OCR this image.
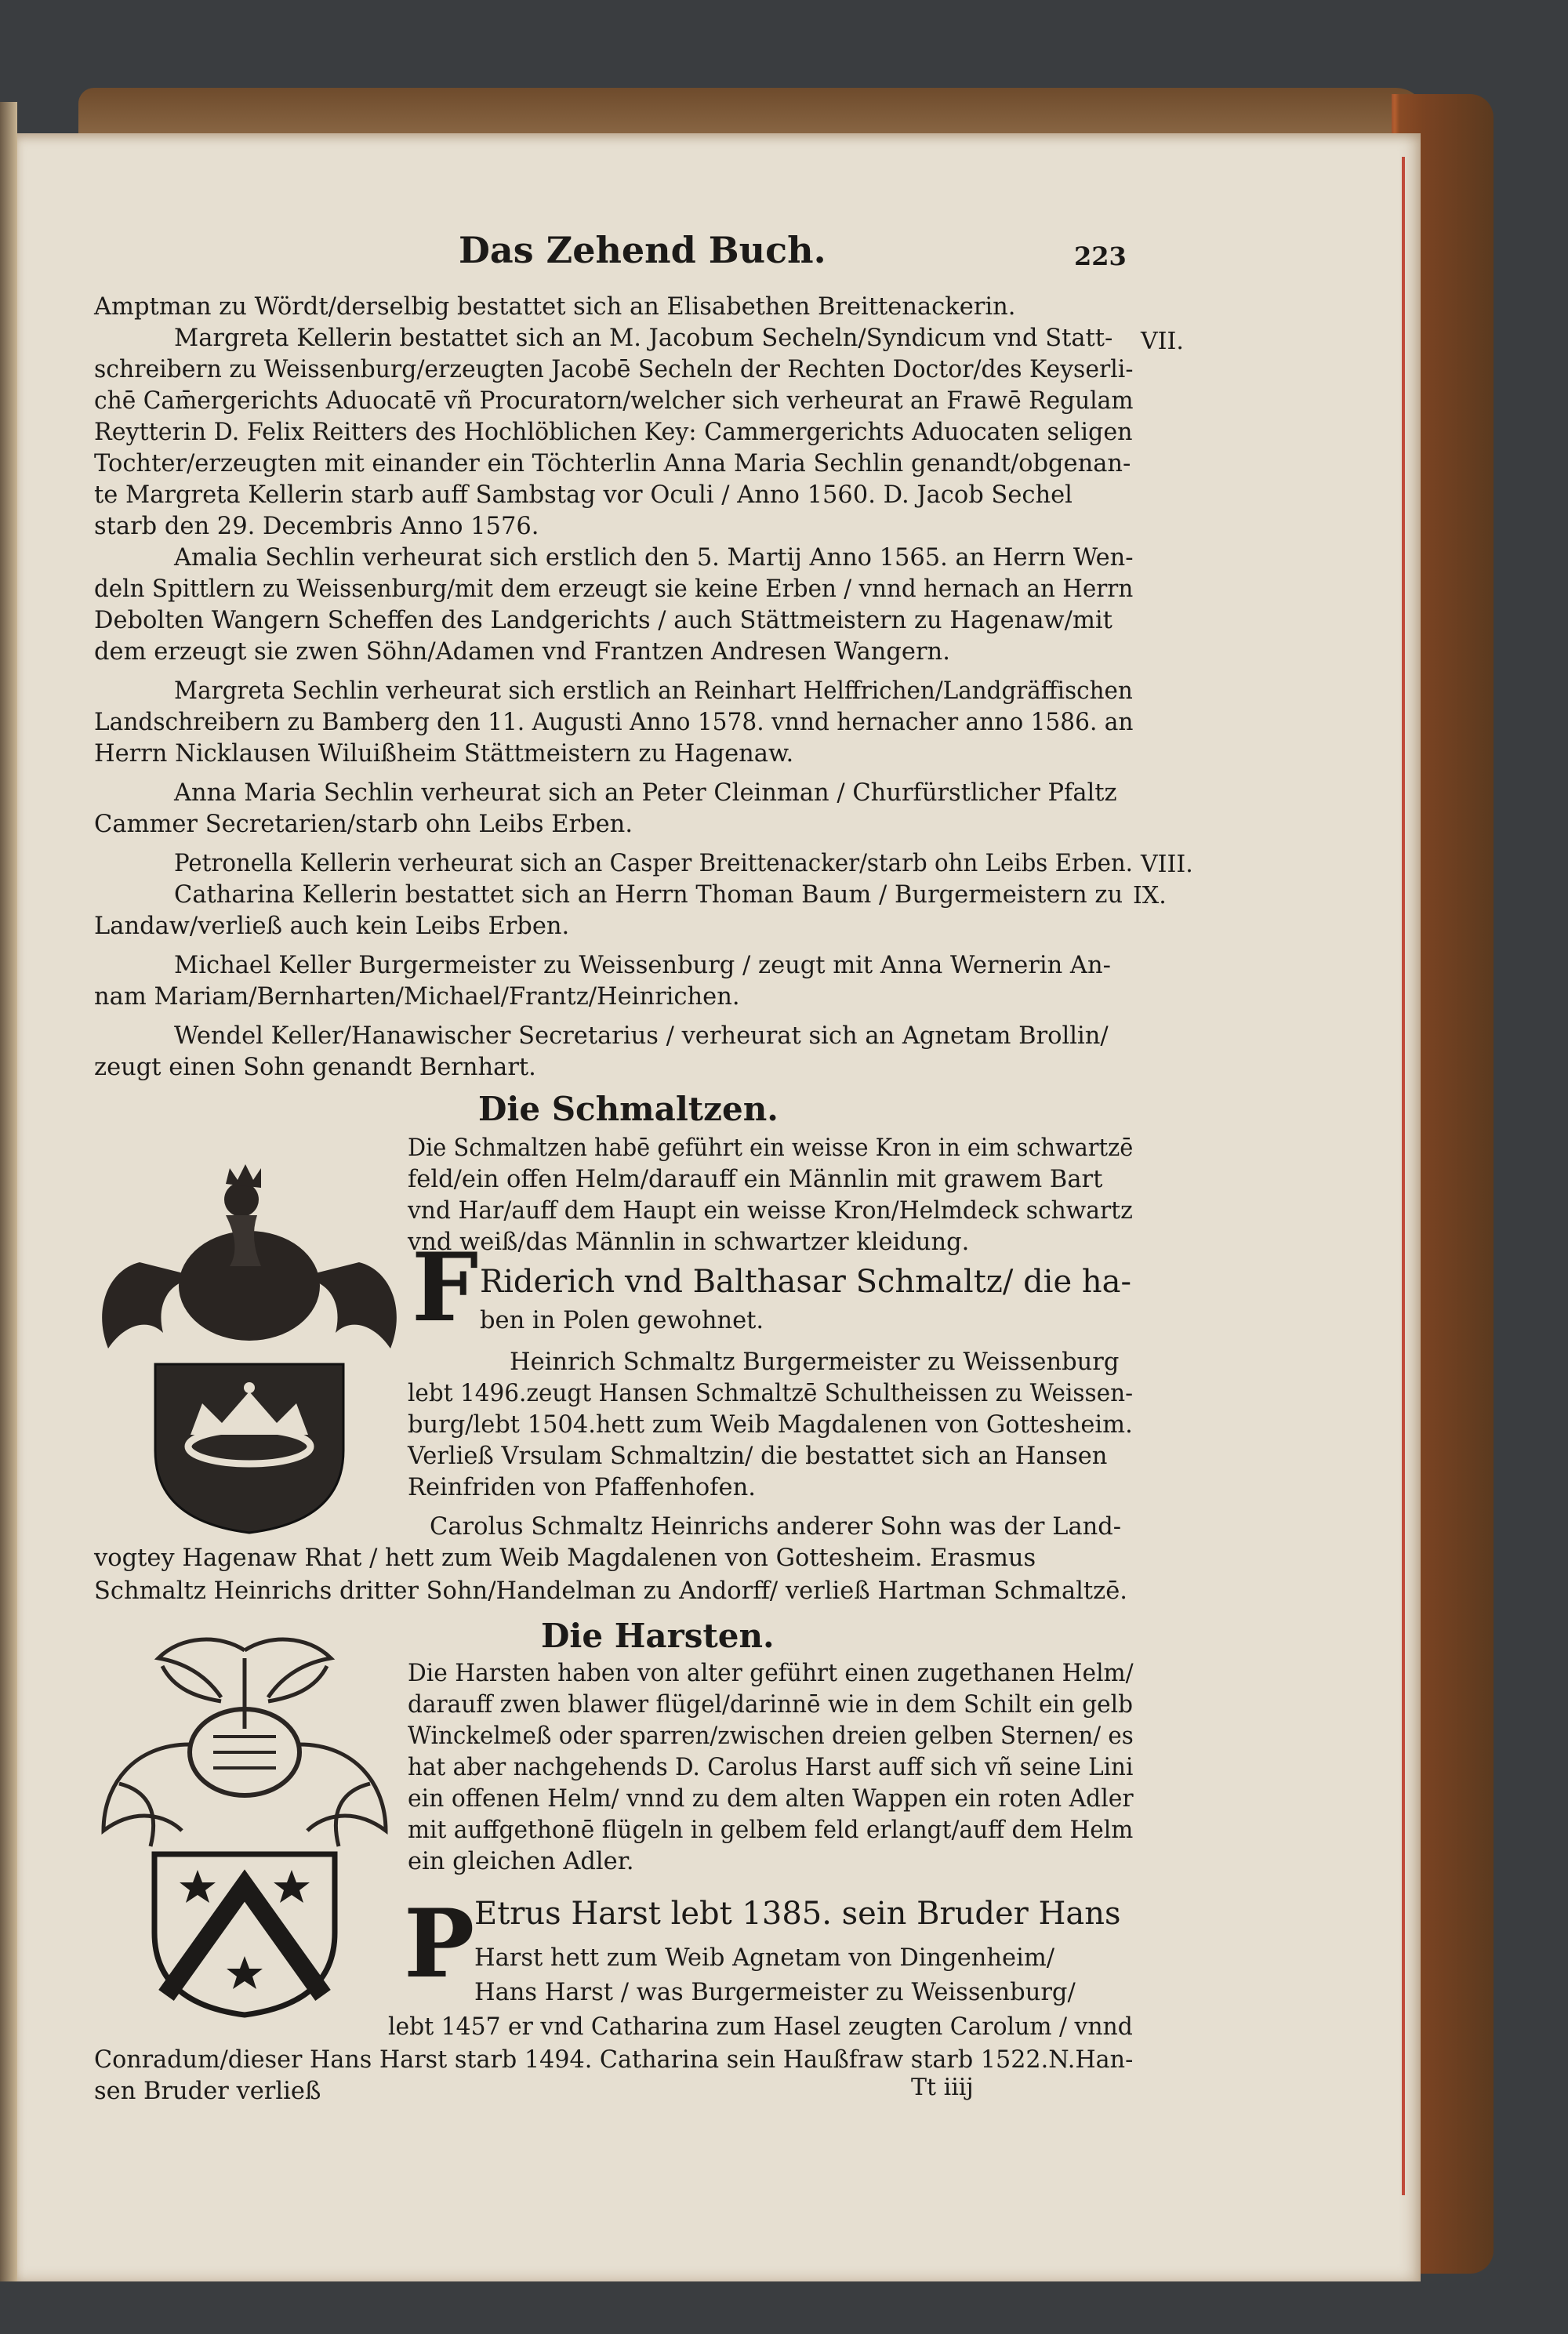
Das Zehend Buch.	223
Amptman zu Wördt/derselbig bestattet sich an Elisabethen Breittenackerin.
Margreta Kellerin bestattet sich an M. Jacobum Secheln/Syndicum vnd Statt-
schreibern zu Weissenburg/erzeugten Jacobē Secheln der Rechten Doctor/des Keyserli-
chē Cam̄ergerichts Aduocatē vñ Procuratorn/welcher sich verheurat an Frawē Regulam
Reytterin D. Felix Reitters des Hochlöblichen Key: Cammergerichts Aduocaten seligen
Tochter/erzeugten mit einander ein Töchterlin Anna Maria Sechlin genandt/obgenan-
te Margreta Kellerin starb auff Sambstag vor Oculi / Anno 1560. D. Jacob Sechel
starb den 29. Decembris Anno 1576.
Amalia Sechlin verheurat sich erstlich den 5. Martij Anno 1565. an Herrn Wen-
deln Spittlern zu Weissenburg/mit dem erzeugt sie keine Erben / vnnd hernach an Herrn
Debolten Wangern Scheffen des Landgerichts / auch Stättmeistern zu Hagenaw/mit
dem erzeugt sie zwen Söhn/Adamen vnd Frantzen Andresen Wangern.
Margreta Sechlin verheurat sich erstlich an Reinhart Helffrichen/Landgräffischen
Landschreibern zu Bamberg den 11. Augusti Anno 1578. vnnd hernacher anno 1586. an
Herrn Nicklausen Wiluißheim Stättmeistern zu Hagenaw.
Anna Maria Sechlin verheurat sich an Peter Cleinman / Churfürstlicher Pfaltz
Cammer Secretarien/starb ohn Leibs Erben.
Petronella Kellerin verheurat sich an Casper Breittenacker/starb ohn Leibs Erben.
Catharina Kellerin bestattet sich an Herrn Thoman Baum / Burgermeistern zu
Landaw/verließ auch kein Leibs Erben.
Michael Keller Burgermeister zu Weissenburg / zeugt mit Anna Wernerin An-
nam Mariam/Bernharten/Michael/Frantz/Heinrichen.
Wendel Keller/Hanawischer Secretarius / verheurat sich an Agnetam Brollin/
zeugt einen Sohn genandt Bernhart.
VII.
VIII.
IX.
Die Schmaltzen.
Die Schmaltzen habē geführt ein weisse Kron in eim schwartzē
feld/ein offen Helm/darauff ein Männlin mit grawem Bart
vnd Har/auff dem Haupt ein weisse Kron/Helmdeck schwartz
vnd weiß/das Männlin in schwartzer kleidung.
F Riderich vnd Balthasar Schmaltz/ die ha-
ben in Polen gewohnet.
Heinrich Schmaltz Burgermeister zu Weissenburg
lebt 1496.zeugt Hansen Schmaltzē Schultheissen zu Weissen-
burg/lebt 1504.hett zum Weib Magdalenen von Gottesheim.
Verließ Vrsulam Schmaltzin/ die bestattet sich an Hansen
Reinfriden von Pfaffenhofen.
Carolus Schmaltz Heinrichs anderer Sohn was der Land-
vogtey Hagenaw Rhat / hett zum Weib Magdalenen von Gottesheim. Erasmus
Schmaltz Heinrichs dritter Sohn/Handelman zu Andorff/ verließ Hartman Schmaltzē.
Die Harsten.
Die Harsten haben von alter geführt einen zugethanen Helm/
darauff zwen blawer flügel/darinnē wie in dem Schilt ein gelb
Winckelmeß oder sparren/zwischen dreien gelben Sternen/ es
hat aber nachgehends D. Carolus Harst auff sich vñ seine Lini
ein offenen Helm/ vnnd zu dem alten Wappen ein roten Adler
mit auffgethonē flügeln in gelbem feld erlangt/auff dem Helm
ein gleichen Adler.
P Etrus Harst lebt 1385. sein Bruder Hans
Harst hett zum Weib Agnetam von Dingenheim/
Hans Harst / was Burgermeister zu Weissenburg/
lebt 1457 er vnd Catharina zum Hasel zeugten Carolum / vnnd
Conradum/dieser Hans Harst starb 1494. Catharina sein Haußfraw starb 1522.N.Han-
sen Bruder verließ	Tt iiij
